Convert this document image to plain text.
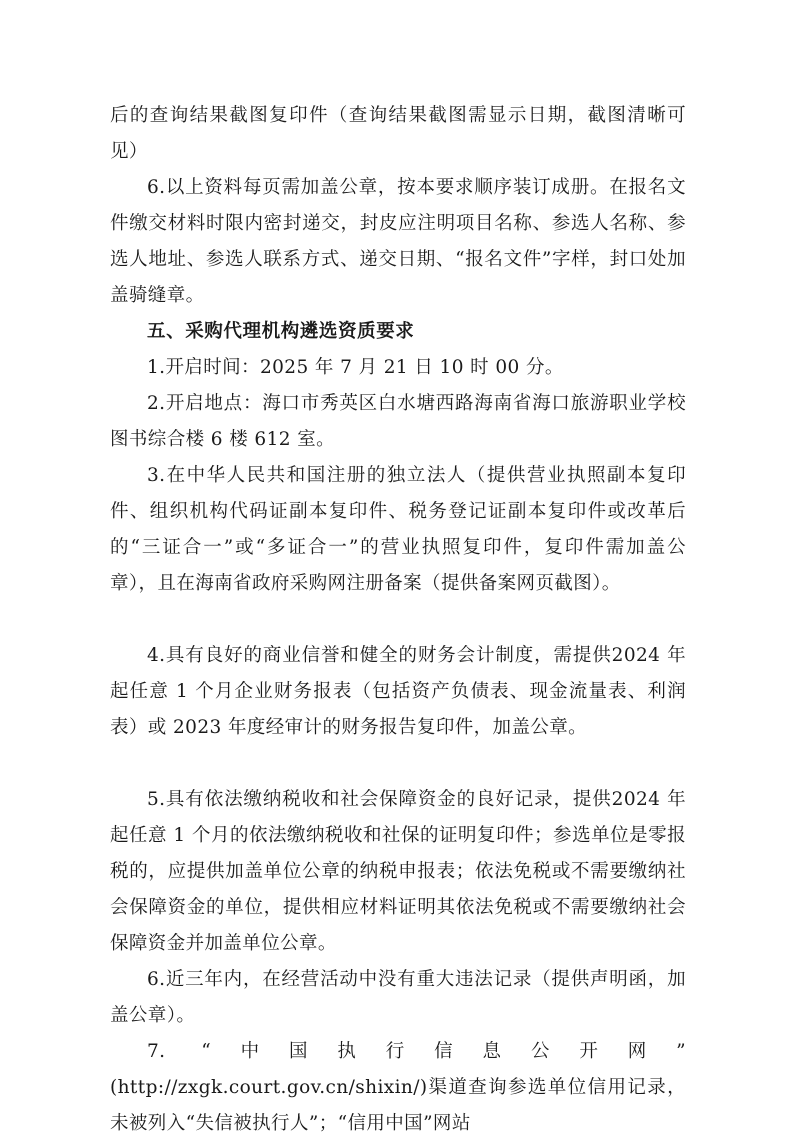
后的查询结果截图复印件（查询结果截图需显示日期，截图清晰可见）

6.以上资料每页需加盖公章，按本要求顺序装订成册。在报名文件缴交材料时限内密封递交，封皮应注明项目名称、参选人名称、参选人地址、参选人联系方式、递交日期、“报名文件”字样，封口处加盖骑缝章。

五、采购代理机构遴选资质要求

1.开启时间：2025 年 7 月 21 日 10 时 00 分。

2.开启地点：海口市秀英区白水塘西路海南省海口旅游职业学校图书综合楼 6 楼 612 室。

3.在中华人民共和国注册的独立法人（提供营业执照副本复印件、组织机构代码证副本复印件、税务登记证副本复印件或改革后的“三证合一”或“多证合一”的营业执照复印件，复印件需加盖公章），且在海南省政府采购网注册备案（提供备案网页截图）。

4.具有良好的商业信誉和健全的财务会计制度，需提供2024 年起任意 1 个月企业财务报表（包括资产负债表、现金流量表、利润表）或 2023 年度经审计的财务报告复印件，加盖公章。

5.具有依法缴纳税收和社会保障资金的良好记录，提供2024 年起任意 1 个月的依法缴纳税收和社保的证明复印件；参选单位是零报税的，应提供加盖单位公章的纳税申报表；依法免税或不需要缴纳社会保障资金的单位，提供相应材料证明其依法免税或不需要缴纳社会保障资金并加盖单位公章。

6.近三年内，在经营活动中没有重大违法记录（提供声明函，加盖公章）。

7. “中国执行信息公开网”

(http://zxgk.court.gov.cn/shixin/)渠道查询参选单位信用记录，未被列入“失信被执行人”；“信用中国”网站
